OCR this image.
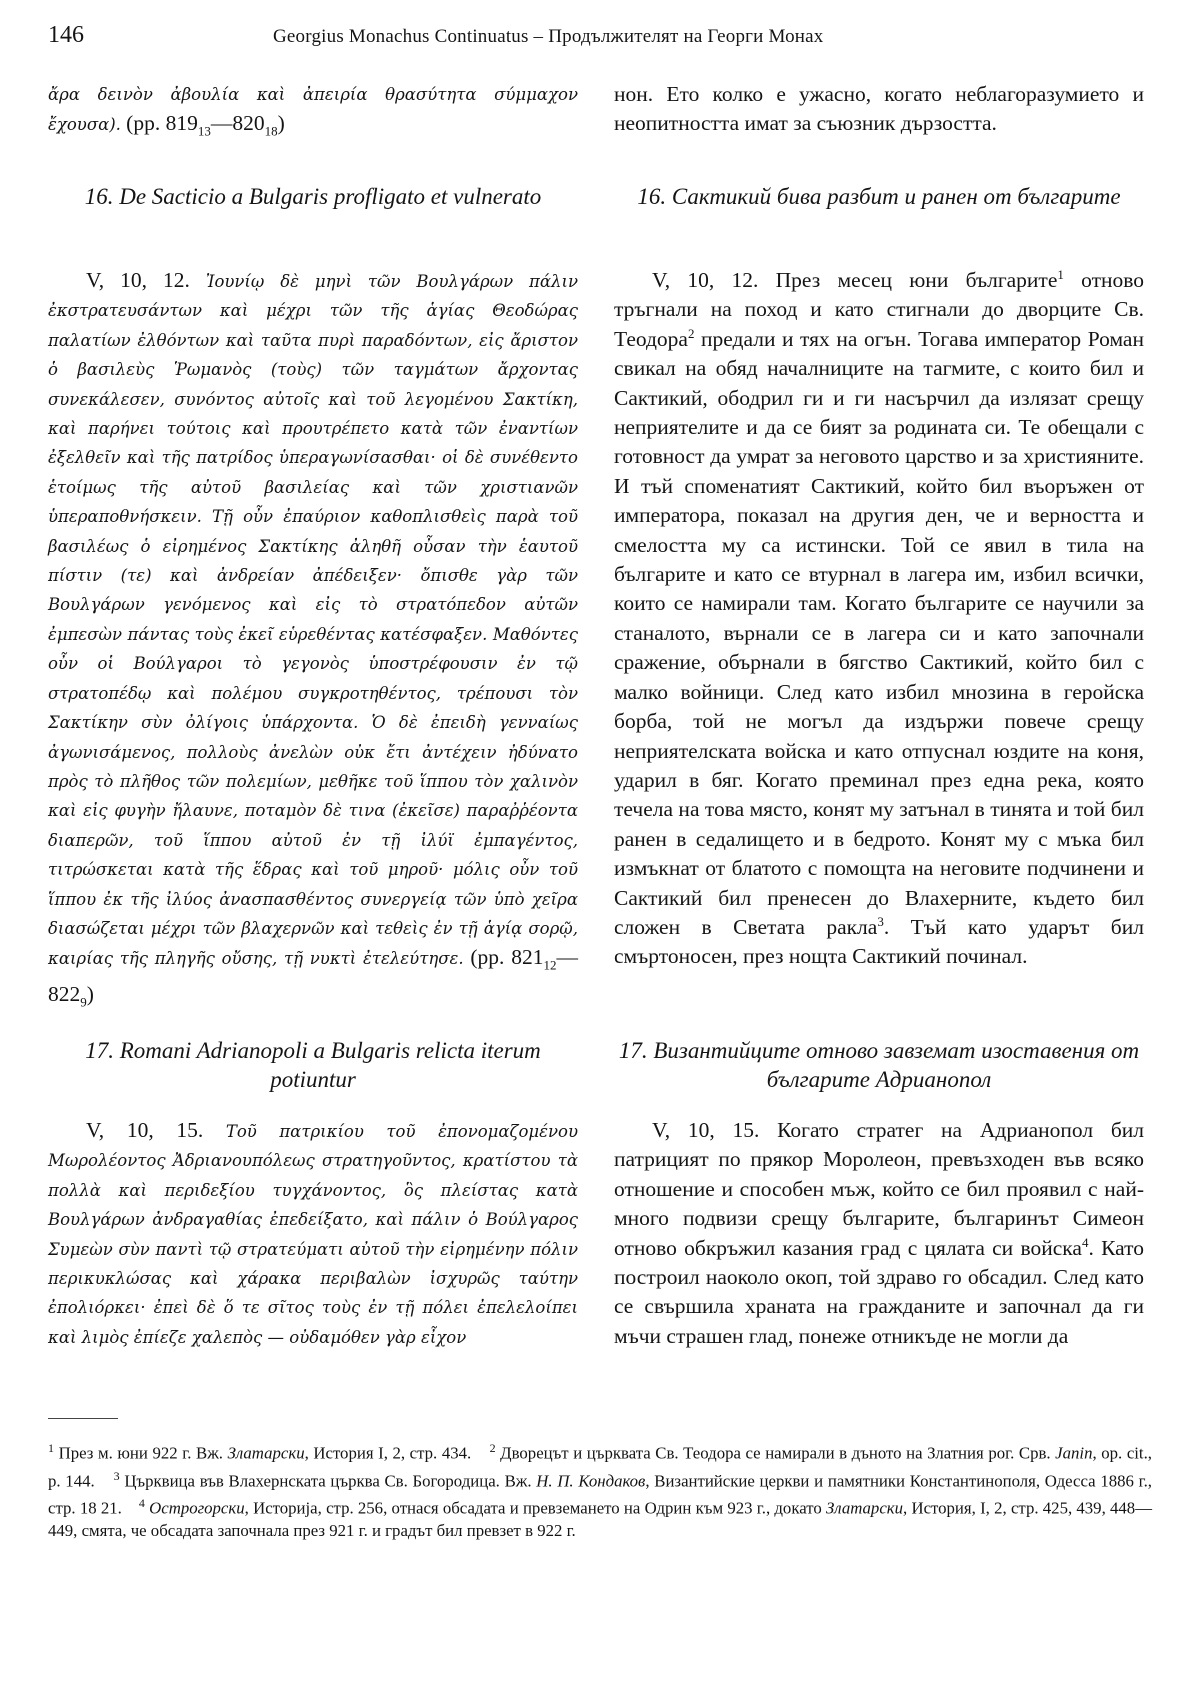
146	Georgius Monachus Continuatus – Продължителят на Георги Монах

ἄρα δεινὸν ἀβουλία καὶ ἀπειρία θρασύτητα σύμμαχον ἔχουσα). (pp. $819_{13}—820_{18}$)

16. De Sacticio a Bulgaris profligato et vulnerato

V, 10, 12. Ἰουνίῳ δὲ μηνὶ τῶν Βουλγάρων πάλιν ἐκστρατευσάντων καὶ μέχρι τῶν τῆς ἁγίας Θεοδώρας παλατίων ἐλθόντων καὶ ταῦτα πυρὶ παραδόντων, εἰς ἄριστον ὁ βασιλεὺς Ῥωμανὸς (τοὺς) τῶν ταγμάτων ἄρχοντας συνεκάλεσεν, συνόντος αὐτοῖς καὶ τοῦ λεγομένου Σακτίκη, καὶ παρήνει τούτοις καὶ προυτρέπετο κατὰ τῶν ἐναντίων ἐξελθεῖν καὶ τῆς πατρίδος ὑπεραγωνίσασθαι· οἱ δὲ συνέθεντο ἑτοίμως τῆς αὐτοῦ βασιλείας καὶ τῶν χριστιανῶν ὑπεραποθνήσκειν. Τῇ οὖν ἐπαύριον καθοπλισθεὶς παρὰ τοῦ βασιλέως ὁ εἰρημένος Σακτίκης ἀληθῆ οὖσαν τὴν ἑαυτοῦ πίστιν (τε) καὶ ἀνδρείαν ἀπέδειξεν· ὄπισθε γὰρ τῶν Βουλγάρων γενόμενος καὶ εἰς τὸ στρατόπεδον αὐτῶν ἐμπεσὼν πάντας τοὺς ἐκεῖ εὑρεθέντας κατέσφαξεν. Μαθόντες οὖν οἱ Βούλγαροι τὸ γεγονὸς ὑποστρέφουσιν ἐν τῷ στρατοπέδῳ καὶ πολέμου συγκροτηθέντος, τρέπουσι τὸν Σακτίκην σὺν ὀλίγοις ὑπάρχοντα. Ὁ δὲ ἐπειδὴ γενναίως ἀγωνισάμενος, πολλοὺς ἀνελὼν οὐκ ἔτι ἀντέχειν ἠδύνατο πρὸς τὸ πλῆθος τῶν πολεμίων, μεθῆκε τοῦ ἵππου τὸν χαλινὸν καὶ εἰς φυγὴν ἤλαυνε, ποταμὸν δὲ τινα (ἐκεῖσε) παραῤῥέοντα διαπερῶν, τοῦ ἵππου αὐτοῦ ἐν τῇ ἰλύϊ ἐμπαγέντος, τιτρώσκεται κατὰ τῆς ἕδρας καὶ τοῦ μηροῦ· μόλις οὖν τοῦ ἵππου ἐκ τῆς ἰλύος ἀνασπασθέντος συνεργείᾳ τῶν ὑπὸ χεῖρα διασώζεται μέχρι τῶν βλαχερνῶν καὶ τεθεὶς ἐν τῇ ἁγίᾳ σορῷ, καιρίας τῆς πληγῆς οὔσης, τῇ νυκτὶ ἐτελεύτησε. (pp. $821_{12}—822_9$)

17. Romani Adrianopoli a Bulgaris relicta iterum potiuntur

V, 10, 15. Τοῦ πατρικίου τοῦ ἐπονομαζομένου Μωρολέοντος Ἀδριανουπόλεως στρατηγοῦντος, κρατίστου τὰ πολλὰ καὶ περιδεξίου τυγχάνοντος, ὃς πλείστας κατὰ Βουλγάρων ἀνδραγαθίας ἐπεδείξατο, καὶ πάλιν ὁ Βούλγαρος Συμεὼν σὺν παντὶ τῷ στρατεύματι αὐτοῦ τὴν εἰρημένην πόλιν περικυκλώσας καὶ χάρακα περιβαλὼν ἰσχυρῶς ταύτην ἐπολιόρκει· ἐπεὶ δὲ ὅ τε σῖτος τοὺς ἐν τῇ πόλει ἐπελελοίπει καὶ λιμὸς ἐπίεζε χαλεπὸς — οὐδαμόθεν γὰρ εἶχον

нон. Ето колко е ужасно, когато неблагоразумието и неопитността имат за съюзник дързостта.

16. Сактикий бива разбит и ранен от българите

V, 10, 12. През месец юни българите$^1$ отново тръгнали на поход и като стигнали до дворците Св. Теодора$^2$ предали и тях на огън. Тогава император Роман свикал на обяд началниците на тагмите, с които бил и Сактикий, ободрил ги и ги насърчил да излязат срещу неприятелите и да се бият за родината си. Те обещали с готовност да умрат за неговото царство и за християните. И тъй споменатият Сактикий, който бил въоръжен от императора, показал на другия ден, че и верността и смелостта му са истински. Той се явил в тила на българите и като се втурнал в лагера им, избил всички, които се намирали там. Когато българите се научили за станалото, върнали се в лагера си и като започнали сражение, обърнали в бягство Сактикий, който бил с малко войници. След като избил мнозина в геройска борба, той не могъл да издържи повече срещу неприятелската войска и като отпуснал юздите на коня, ударил в бяг. Когато преминал през една река, която течела на това място, конят му затънал в тинята и той бил ранен в седалището и в бедрото. Конят му с мъка бил измъкнат от блатото с помощта на неговите подчинени и Сактикий бил пренесен до Влахерните, където бил сложен в Светата ракла$^3$. Тъй като ударът бил смъртоносен, през нощта Сактикий починал.

17. Византийците отново завземат изоставения от българите Адрианопол

V, 10, 15. Когато стратег на Адрианопол бил патрицият по прякор Моролеон, превъзходен във всяко отношение и способен мъж, който се бил проявил с най-много подвизи срещу българите, българинът Симеон отново обкръжил казания град с цялата си войска$^4$. Като построил наоколо окоп, той здраво го обсадил. След като се свършила храната на гражданите и започнал да ги мъчи страшен глад, понеже отникъде не могли да

$^1$ През м. юни 922 г. Вж. Златарски, История I, 2, стр. 434. $^2$ Дворецът и църквата Св. Теодора се намирали в дъното на Златния рог. Срв. Janin, op. cit., p. 144. $^3$ Църквица във Влахернската църква Св. Богородица. Вж. Н. П. Кондаков, Византийские церкви и памятники Константинополя, Одесса 1886 г., стр. 18 21. $^4$ Острогорски, Историjа, стр. 256, отнася обсадата и превземането на Одрин към 923 г., докато Златарски, История, I, 2, стр. 425, 439, 448—449, смята, че обсадата започнала през 921 г. и градът бил превзет в 922 г.
